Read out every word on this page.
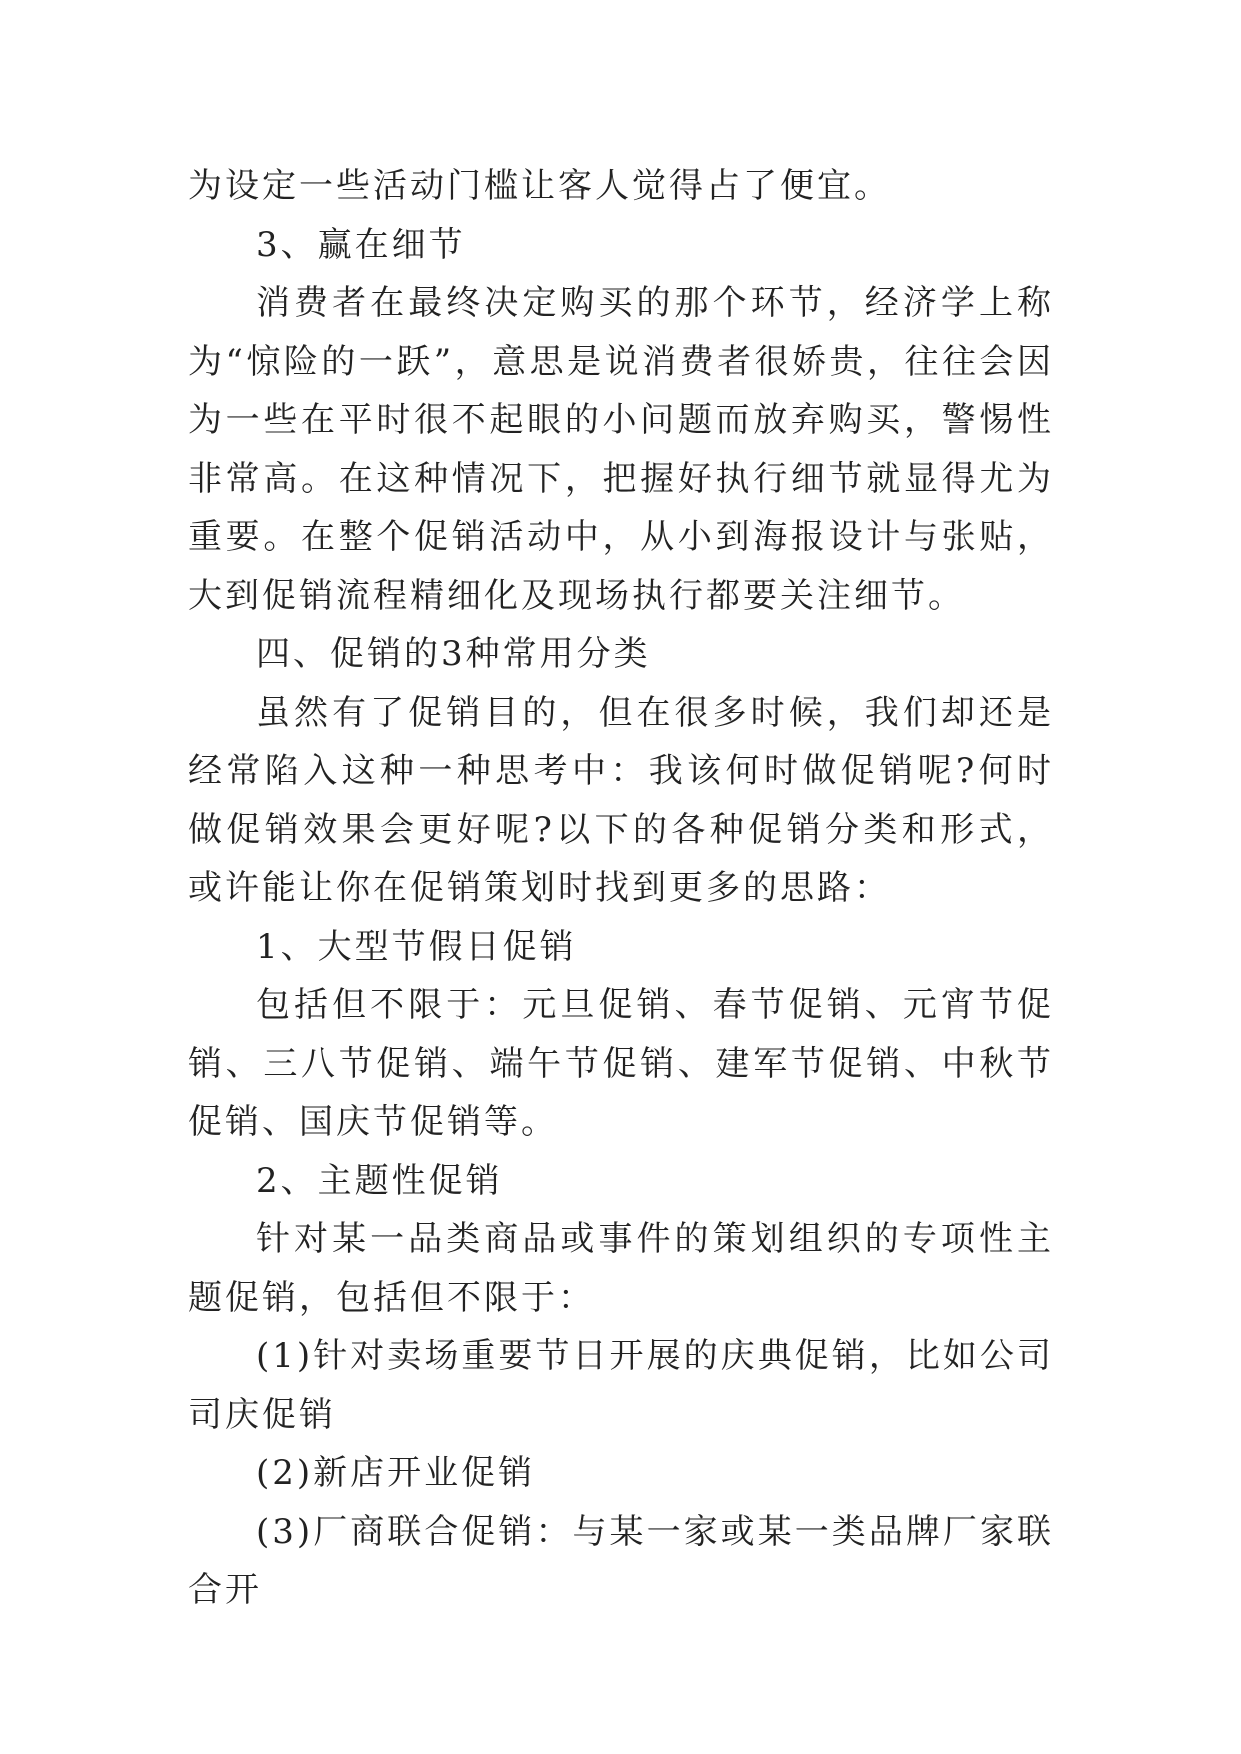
为设定一些活动门槛让客人觉得占了便宜。

3、赢在细节

消费者在最终决定购买的那个环节，经济学上称为“惊险的一跃”，意思是说消费者很娇贵，往往会因为一些在平时很不起眼的小问题而放弃购买，警惕性非常高。在这种情况下，把握好执行细节就显得尤为重要。在整个促销活动中，从小到海报设计与张贴，大到促销流程精细化及现场执行都要关注细节。

四、促销的3种常用分类

虽然有了促销目的，但在很多时候，我们却还是经常陷入这种一种思考中：我该何时做促销呢?何时做促销效果会更好呢?以下的各种促销分类和形式，或许能让你在促销策划时找到更多的思路：

1、大型节假日促销

包括但不限于：元旦促销、春节促销、元宵节促销、三八节促销、端午节促销、建军节促销、中秋节促销、国庆节促销等。

2、主题性促销

针对某一品类商品或事件的策划组织的专项性主题促销，包括但不限于：

(1)针对卖场重要节日开展的庆典促销，比如公司司庆促销

(2)新店开业促销

(3)厂商联合促销：与某一家或某一类品牌厂家联合开
